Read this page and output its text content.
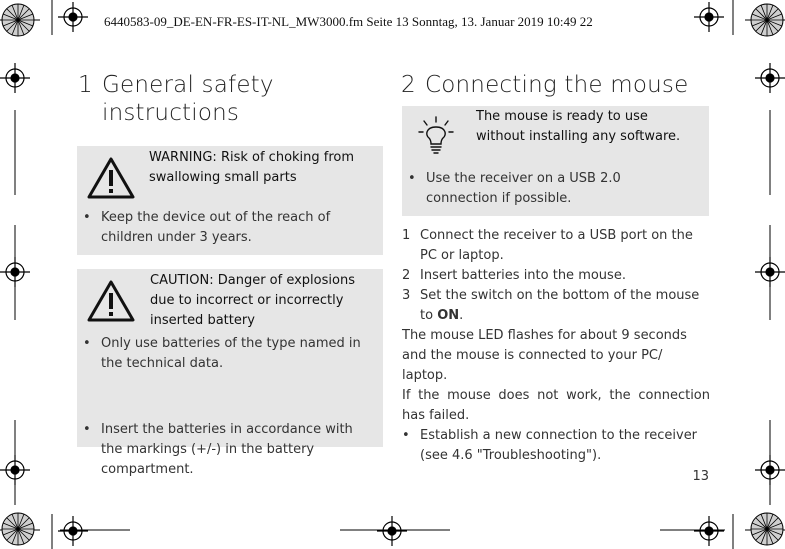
6440583-09_DE-EN-FR-ES-IT-NL_MW3000.fm Seite 13 Sonntag, 13. Januar 2019 10:49 22
1 General safety
instructions
WARNING: Risk of choking from
swallowing small parts
• Keep the device out of the reach of
children under 3 years.
CAUTION: Danger of explosions
due to incorrect or incorrectly
inserted battery
• Only use batteries of the type named in
the technical data.
• Insert the batteries in accordance with
the markings (+/-) in the battery
compartment.
2 Connecting the mouse
The mouse is ready to use
without installing any software.
• Use the receiver on a USB 2.0
connection if possible.
1 Connect the receiver to a USB port on the
PC or laptop.
2 Insert batteries into the mouse.
3 Set the switch on the bottom of the mouse
to ON.
The mouse LED flashes for about 9 seconds
and the mouse is connected to your PC/
laptop.
If the mouse does not work, the connection
has failed.
• Establish a new connection to the receiver
(see 4.6 "Troubleshooting").
13
